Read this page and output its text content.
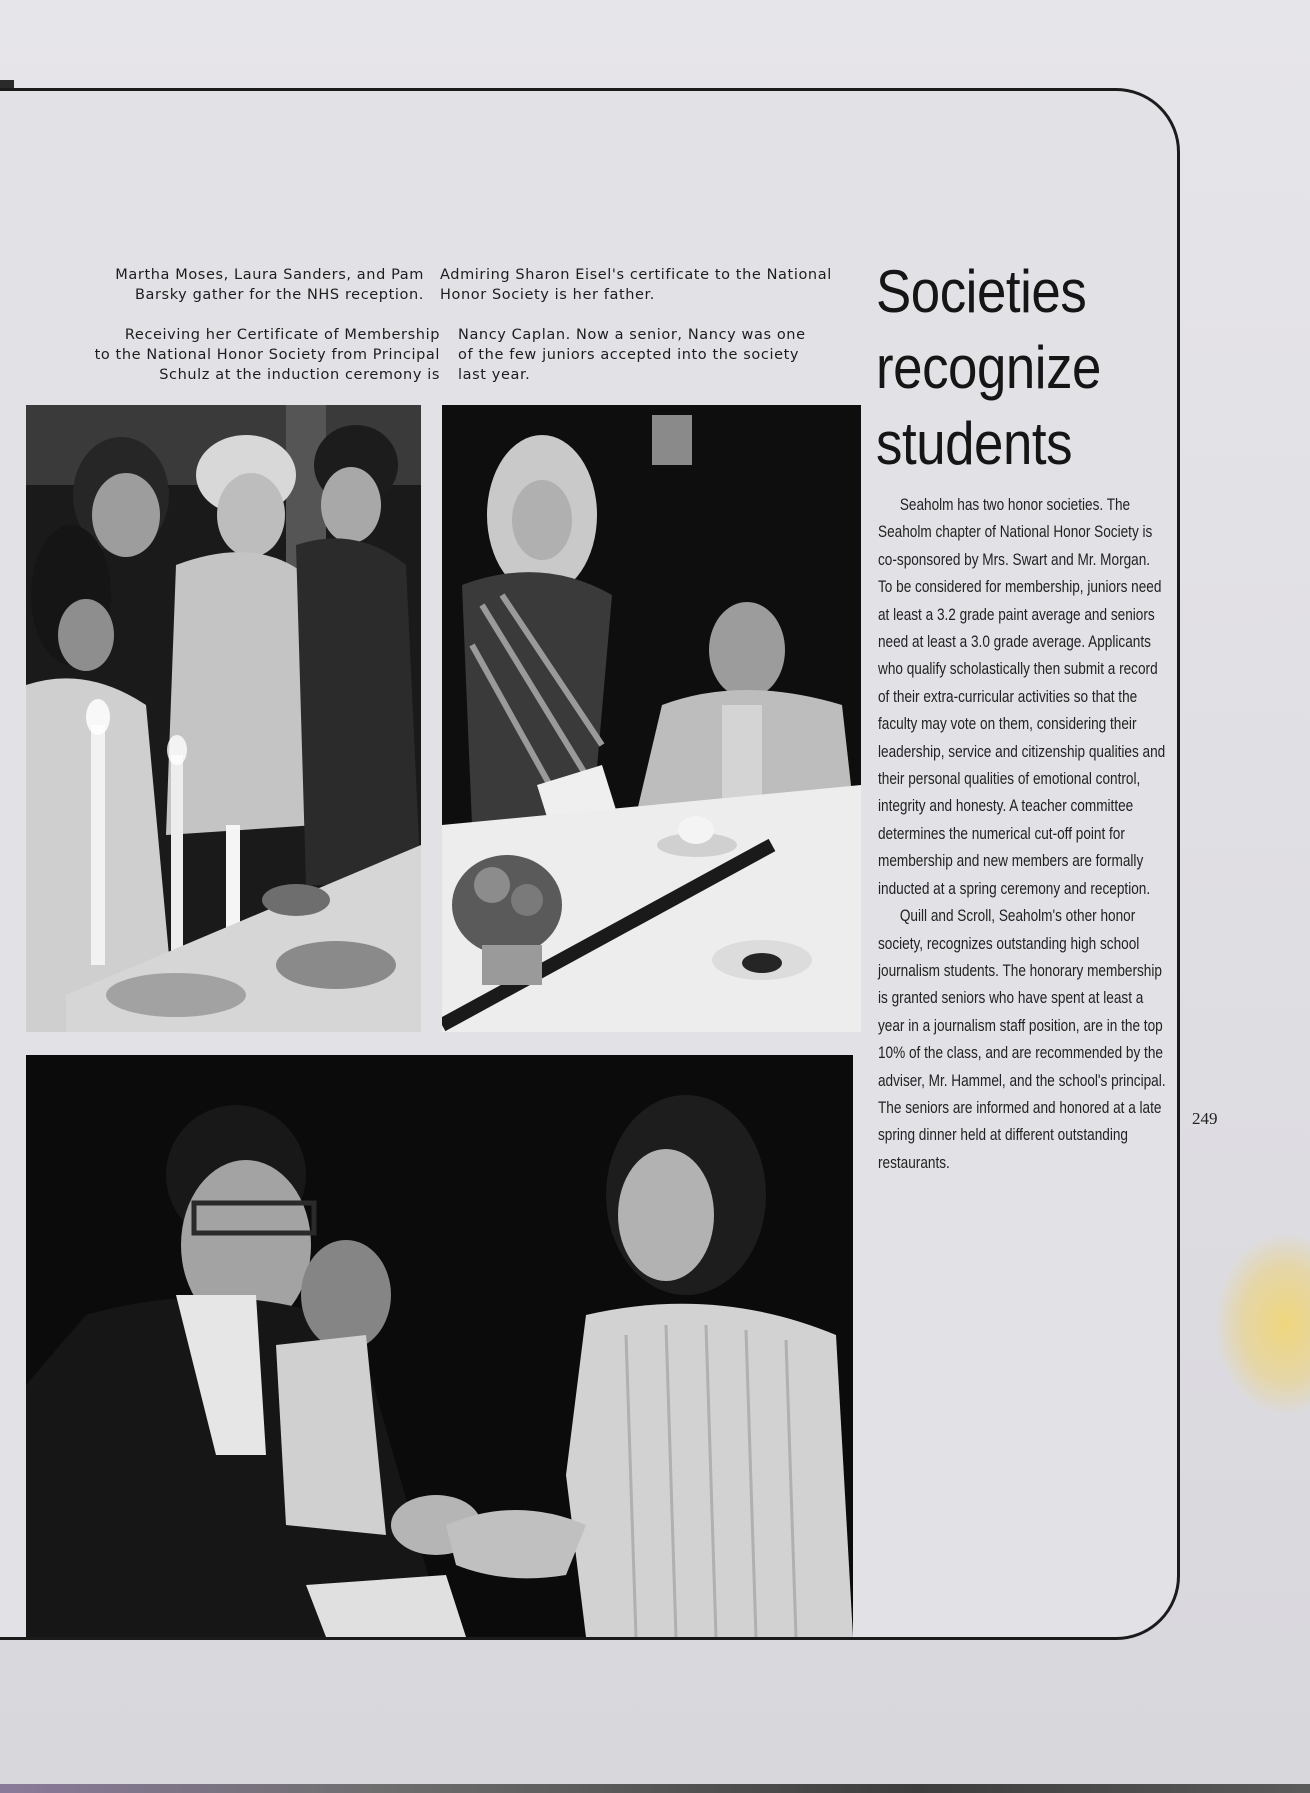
Martha Moses, Laura Sanders, and Pam
Barsky gather for the NHS reception.
Admiring Sharon Eisel's certificate to the National
Honor Society is her father.
Receiving her Certificate of Membership
to the National Honor Society from Principal
Schulz at the induction ceremony is
Nancy Caplan. Now a senior, Nancy was one
of the few juniors accepted into the society
last year.
Societies
recognize
students

Seaholm has two honor societies. The Seaholm chapter of National Honor Society is co-sponsored by Mrs. Swart and Mr. Morgan. To be considered for membership, juniors need at least a 3.2 grade paint average and seniors need at least a 3.0 grade average. Applicants who qualify scholastically then submit a record of their extra-curricular activities so that the faculty may vote on them, considering their leadership, service and citizenship qualities and their personal qualities of emotional control, integrity and honesty. A teacher committee determines the numerical cut-off point for membership and new members are formally inducted at a spring ceremony and reception.

Quill and Scroll, Seaholm's other honor society, recognizes outstanding high school journalism students. The honorary membership is granted seniors who have spent at least a year in a journalism staff position, are in the top 10% of the class, and are recommended by the adviser, Mr. Hammel, and the school's principal. The seniors are informed and honored at a late spring dinner held at different outstanding restaurants.

249
